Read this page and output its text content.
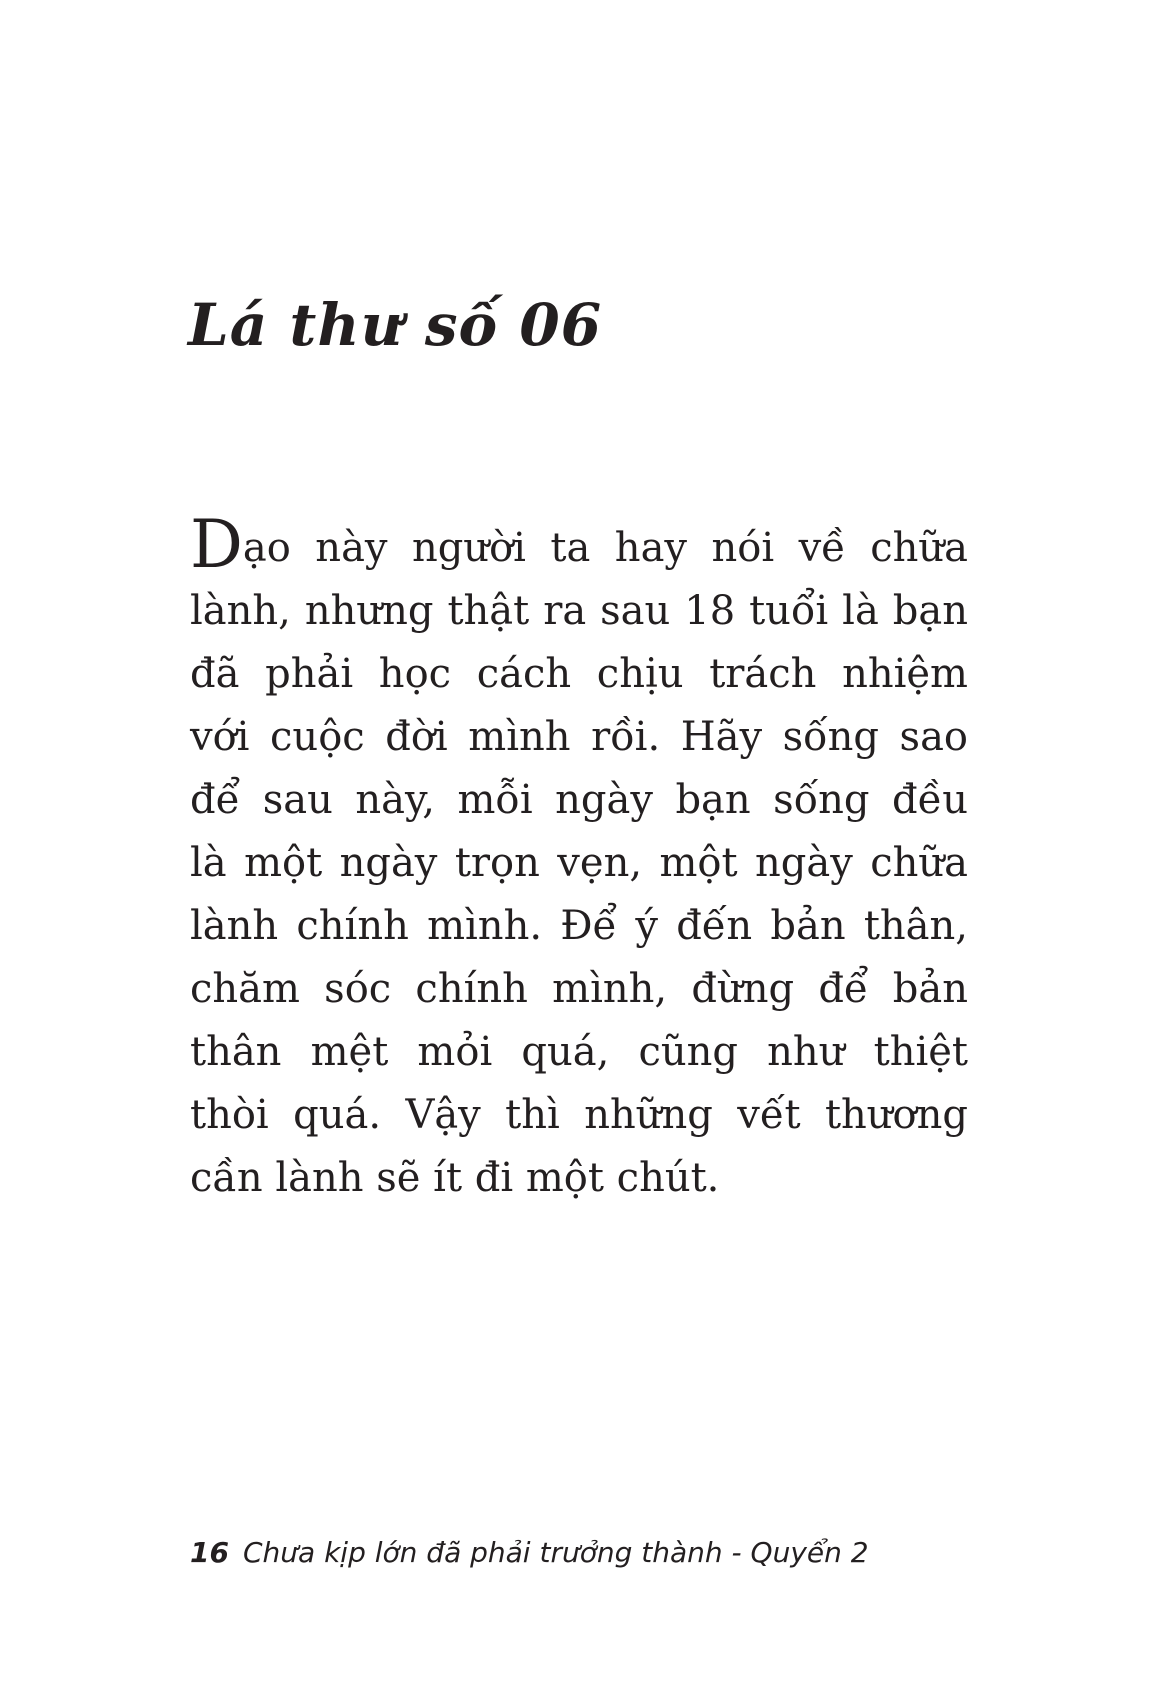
Lá thư số 06
Dạo này người ta hay nói về chữa
lành, nhưng thật ra sau 18 tuổi là bạn
đã phải học cách chịu trách nhiệm
với cuộc đời mình rồi. Hãy sống sao
để sau này, mỗi ngày bạn sống đều
là một ngày trọn vẹn, một ngày chữa
lành chính mình. Để ý đến bản thân,
chăm sóc chính mình, đừng để bản
thân mệt mỏi quá, cũng như thiệt
thòi quá. Vậy thì những vết thương
cần lành sẽ ít đi một chút.
16 Chưa kịp lớn đã phải trưởng thành - Quyển 2
